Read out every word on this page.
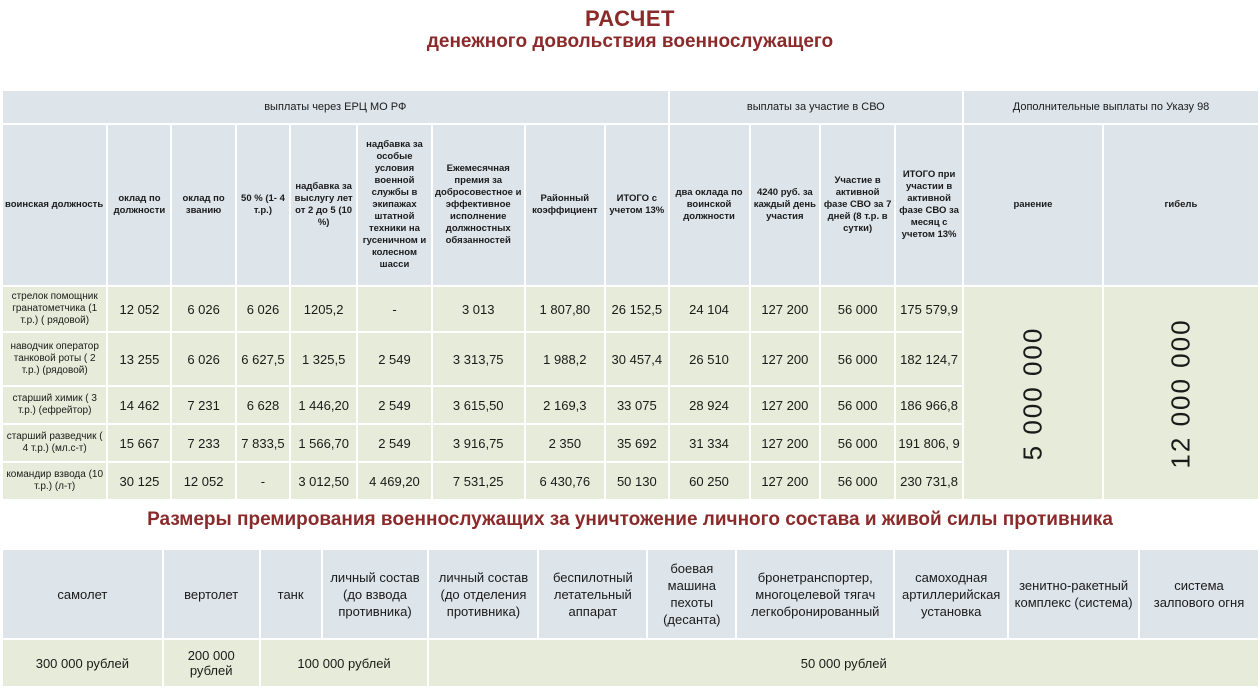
РАСЧЕТ
денежного довольствия военнослужащего
выплаты через ЕРЦ МО РФ									выплаты за участие в СВО				Дополнительные выплаты по Указу 98	
воинская должность	оклад по должности	оклад по званию	50 % (1- 4 т.р.)	надбавка за выслугу лет от 2 до 5 (10 %)	надбавка за особые условия военной службы в экипажах штатной техники на гусеничном и колесном шасси	Ежемесячная премия за добросовестное и эффективное исполнение должностных обязанностей	Районный коэффициент	ИТОГО с учетом 13%	два оклада по воинской должности	4240 руб. за каждый день участия	Участие в активной фазе СВО за 7 дней (8 т.р. в сутки)	ИТОГО при участии в активной фазе СВО за месяц с учетом 13%	ранение	гибель
стрелок помощник гранатометчика (1 т.р.) ( рядовой)	12 052	6 026	6 026	1205,2	-	3 013	1 807,80	26 152,5	24 104	127 200	56 000	175 579,9	5 000 000	12 000 000
наводчик оператор танковой роты ( 2 т.р.) (рядовой)	13 255	6 026	6 627,5	1 325,5	2 549	3 313,75	1 988,2	30 457,4	26 510	127 200	56 000	182 124,7		
старший химик ( 3 т.р.) (ефрейтор)	14 462	7 231	6 628	1 446,20	2 549	3 615,50	2 169,3	33 075	28 924	127 200	56 000	186 966,8		
старший разведчик ( 4 т.р.) (мл.с-т)	15 667	7 233	7 833,5	1 566,70	2 549	3 916,75	2 350	35 692	31 334	127 200	56 000	191 806, 9		
командир взвода (10 т.р.) (л-т)	30 125	12 052	-	3 012,50	4 469,20	7 531,25	6 430,76	50 130	60 250	127 200	56 000	230 731,8		
Размеры премирования военнослужащих за уничтожение личного состава и живой силы противника
самолет	вертолет	танк	личный состав (до взвода противника)	личный состав (до отделения противника)	беспилотный летательный аппарат	боевая машина пехоты (десанта)	бронетранспортер, многоцелевой тягач легкобронированный	самоходная артиллерийская установка	зенитно-ракетный комплекс (система)	система залпового огня
300 000 рублей	200 000 рублей	100 000 рублей		50 000 рублей						
